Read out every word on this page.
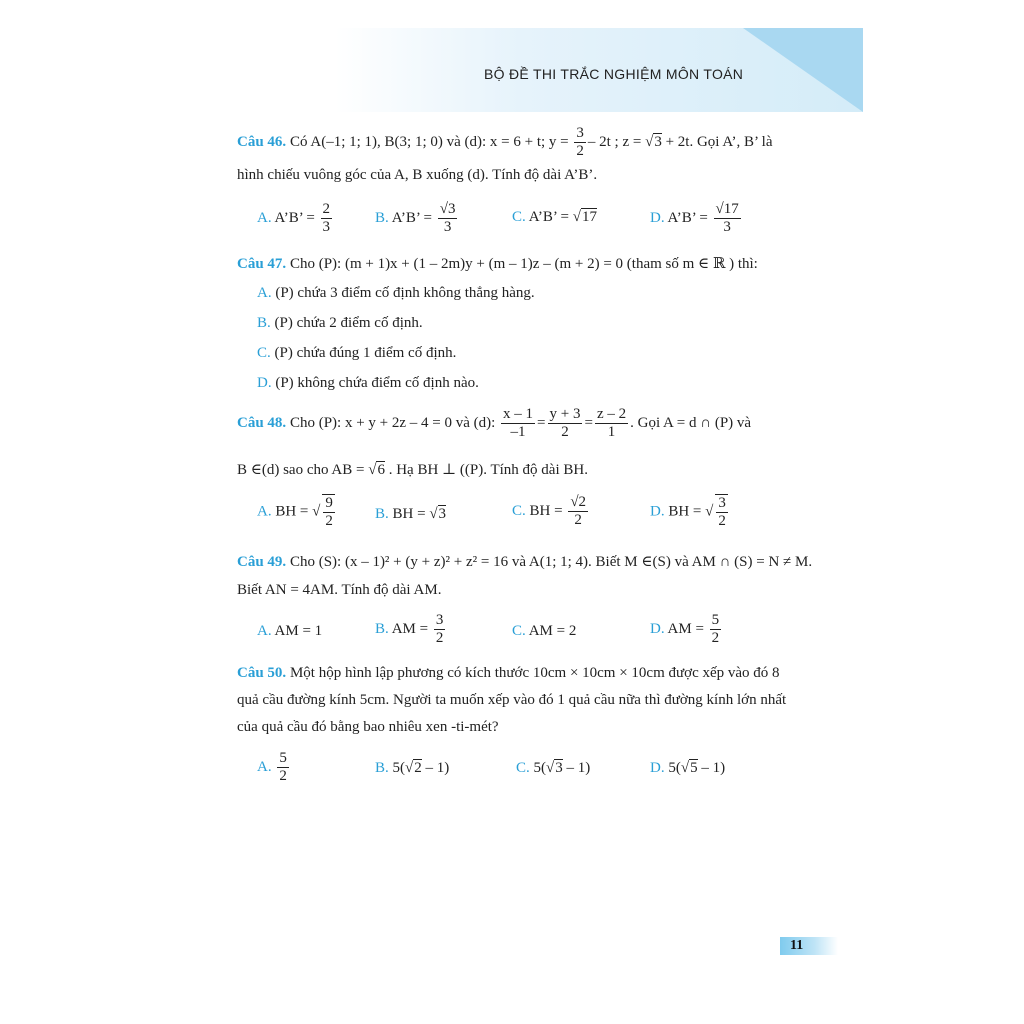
BỘ ĐỀ THI TRẮC NGHIỆM MÔN TOÁN
Câu 46. Có A(–1; 1; 1), B(3; 1; 0) và (d): x = 6 + t; $y = \frac{3}{2} - 2t$ ; z = √3 + 2t. Gọi A’, B’ là
hình chiếu vuông góc của A, B xuống (d). Tính độ dài A’B’.
A. A’B’ = $\frac{2}{3}$	B. A’B’ = $\frac{√3}{3}$	C. A’B’ = √17	D. A’B’ = $\frac{√17}{3}$
Câu 47. Cho (P): (m + 1)x + (1 – 2m)y + (m – 1)z – (m + 2) = 0 (tham số m ∈ ℝ ) thì:
A. (P) chứa 3 điểm cố định không thẳng hàng.
B. (P) chứa 2 điểm cố định.
C. (P) chứa đúng 1 điểm cố định.
D. (P) không chứa điểm cố định nào.
Câu 48. Cho (P): x + y + 2z – 4 = 0 và (d): $\frac{x - 1}{-1} = \frac{y + 3}{2} = \frac{z - 2}{1}$ . Gọi A = d ∩ (P) và
B ∈(d) sao cho AB = √6 . Hạ BH ⊥ ((P). Tính độ dài BH.
A. BH = √ $\frac{9}{2}$	B. BH = √3	C. BH = $\frac{√2}{2}$	D. BH = √ $\frac{3}{2}$
Câu 49. Cho (S): (x – 1)² + (y + z)² + z² = 16 và A(1; 1; 4). Biết M ∈(S) và AM ∩ (S) = N ≠ M.
Biết AN = 4AM. Tính độ dài AM.
A. AM = 1	B. AM = $\frac{3}{2}$	C. AM = 2	D. AM = $\frac{5}{2}$
Câu 50. Một hộp hình lập phương có kích thước 10cm × 10cm × 10cm được xếp vào đó 8
quả cầu đường kính 5cm. Người ta muốn xếp vào đó 1 quả cầu nữa thì đường kính lớn nhất
của quả cầu đó bằng bao nhiêu xen -ti-mét?
A. $\frac{5}{2}$	B. 5(√2 – 1)	C. 5(√3 – 1)	D. 5(√5 – 1)
11
